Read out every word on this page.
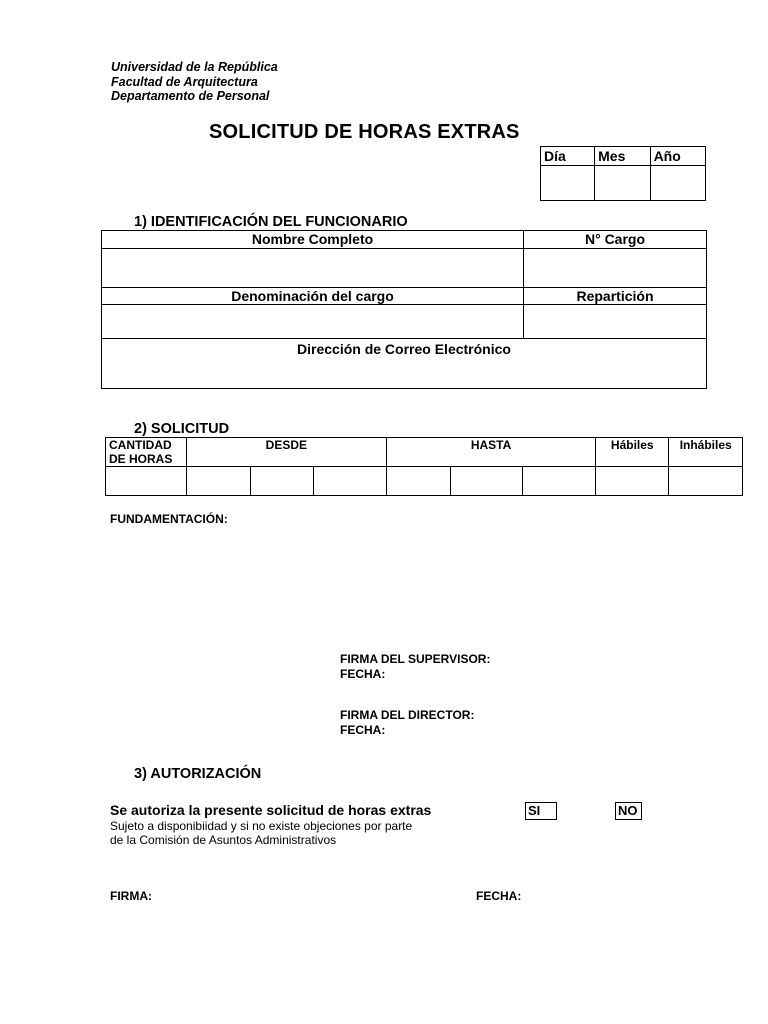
Universidad de la República
Facultad de Arquitectura
Departamento de Personal
SOLICITUD DE HORAS EXTRAS
Día	Mes	Año

1) IDENTIFICACIÓN DEL FUNCIONARIO
Nombre Completo	N° Cargo

Denominación del cargo	Repartición

Dirección de Correo Electrónico	
2) SOLICITUD
CANTIDAD
DE HORAS	DESDE			HASTA			Hábiles	Inhábiles

FUNDAMENTACIÓN:
FIRMA DEL SUPERVISOR:
FECHA:
FIRMA DEL DIRECTOR:
FECHA:
3) AUTORIZACIÓN
Se autoriza la presente solicitud de horas extras	SI	NO
Sujeto a disponibiidad y si no existe objeciones por parte
de la Comisión de Asuntos Administrativos
FIRMA:	FECHA:
